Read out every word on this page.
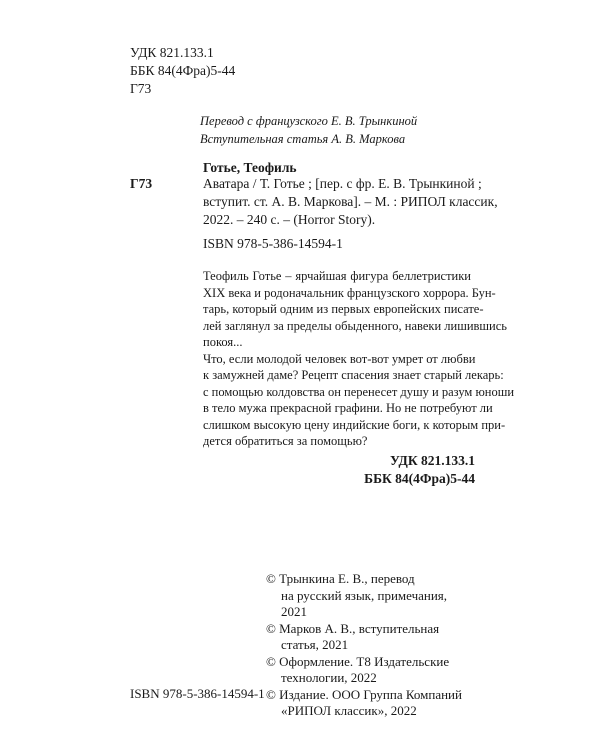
УДК 821.133.1
ББК 84(4Фра)5-44
Г73
Перевод с французского Е. В. Трынкиной
Вступительная статья А. В. Маркова
Готье, Теофиль
Г73	Аватара / Т. Готье ; [пер. с фр. Е. В. Трынкиной ;
вступит. ст. А. В. Маркова]. – М. : РИПОЛ классик,
2022. – 240 с. – (Horror Story).
ISBN 978-5-386-14594-1

Теофиль Готье – ярчайшая фигура беллетристики
XIX века и родоначальник французского хоррора. Бун-
тарь, который одним из первых европейских писате-
лей заглянул за пределы обыденного, навеки лишившись
покоя...

Что, если молодой человек вот-вот умрет от любви
к замужней даме? Рецепт спасения знает старый лекарь:
с помощью колдовства он перенесет душу и разум юноши
в тело мужа прекрасной графини. Но не потребуют ли
слишком высокую цену индийские боги, к которым при-
дется обратиться за помощью?

УДК 821.133.1
ББК 84(4Фра)5-44
© Трынкина Е. В., перевод
на русский язык, примечания,
2021
© Марков А. В., вступительная
статья, 2021
© Оформление. Т8 Издательские
технологии, 2022
© Издание. ООО Группа Компаний
«РИПОЛ классик», 2022
ISBN 978-5-386-14594-1
